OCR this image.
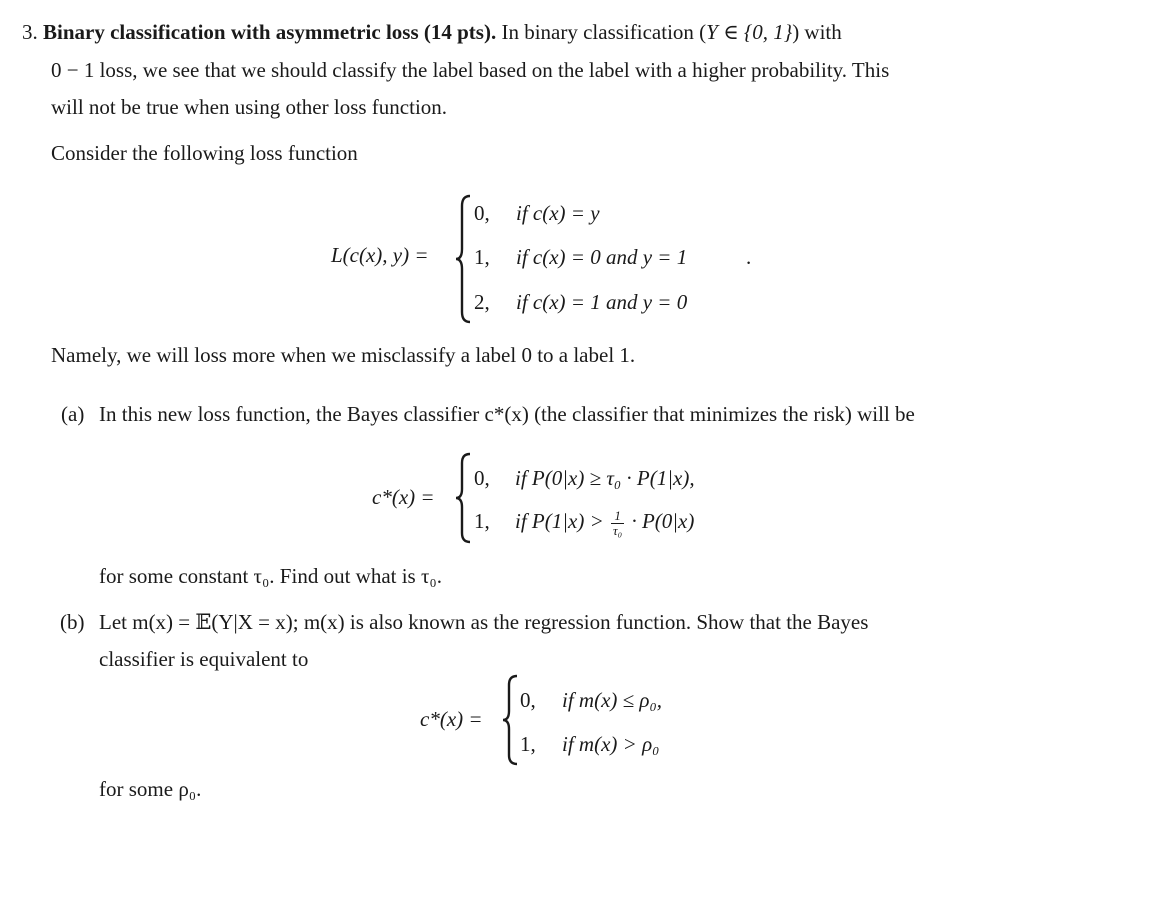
3. Binary classification with asymmetric loss (14 pts). In binary classification (Y ∈ {0, 1}) with
0 − 1 loss, we see that we should classify the label based on the label with a higher probability. This
will not be true when using other loss function.
Consider the following loss function
L(c(x), y) =
0, if c(x) = y
1, if c(x) = 0 and y = 1
2, if c(x) = 1 and y = 0
.
Namely, we will loss more when we misclassify a label 0 to a label 1.
(a) In this new loss function, the Bayes classifier c*(x) (the classifier that minimizes the risk) will be
c*(x) =
0, if P(0|x) ≥ τ₀ · P(1|x),
1, if $P(1|x) > \frac{1}{\text{τ₀}} \cdot P(0|x)$
for some constant τ₀. Find out what is τ₀.
(b) Let m(x) = 𝔼(Y|X = x); m(x) is also known as the regression function. Show that the Bayes
classifier is equivalent to
c*(x) =
0, if m(x) ≤ ρ₀,
1, if m(x) > ρ₀
for some ρ₀.
